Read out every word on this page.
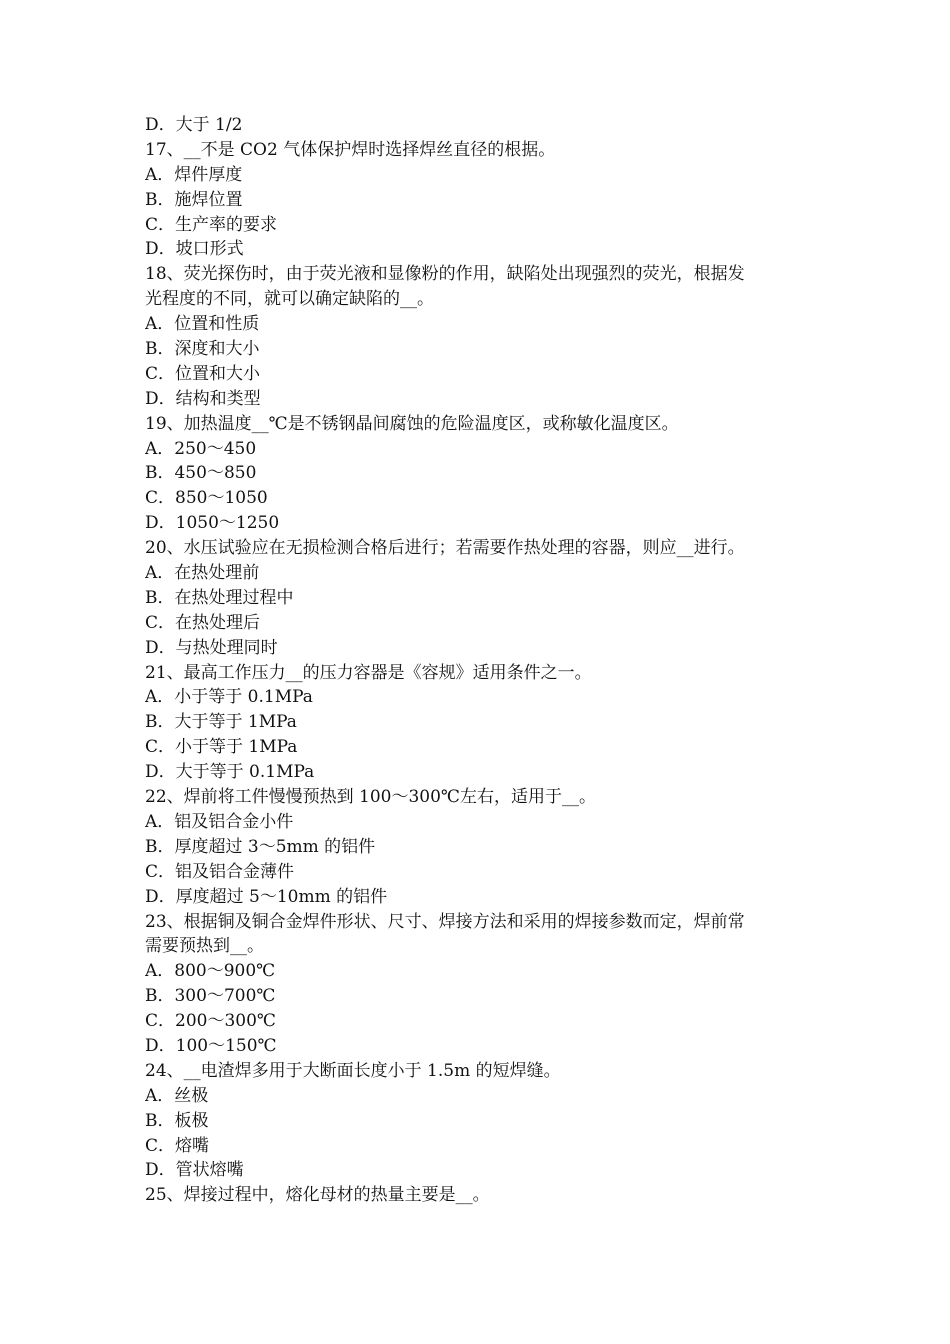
D．大于 1/2
17、__不是 CO2 气体保护焊时选择焊丝直径的根据。
A．焊件厚度
B．施焊位置
C．生产率的要求
D．坡口形式
18、荧光探伤时，由于荧光液和显像粉的作用，缺陷处出现强烈的荧光，根据发
光程度的不同，就可以确定缺陷的__。
A．位置和性质
B．深度和大小
C．位置和大小
D．结构和类型
19、加热温度__℃是不锈钢晶间腐蚀的危险温度区，或称敏化温度区。
A．250～450
B．450～850
C．850～1050
D．1050～1250
20、水压试验应在无损检测合格后进行；若需要作热处理的容器，则应__进行。
A．在热处理前
B．在热处理过程中
C．在热处理后
D．与热处理同时
21、最高工作压力__的压力容器是《容规》适用条件之一。
A．小于等于 0.1MPa
B．大于等于 1MPa
C．小于等于 1MPa
D．大于等于 0.1MPa
22、焊前将工件慢慢预热到 100～300℃左右，适用于__。
A．铝及铝合金小件
B．厚度超过 3～5mm 的铝件
C．铝及铝合金薄件
D．厚度超过 5～10mm 的铝件
23、根据铜及铜合金焊件形状、尺寸、焊接方法和采用的焊接参数而定，焊前常
需要预热到__。
A．800～900℃
B．300～700℃
C．200～300℃
D．100～150℃
24、__电渣焊多用于大断面长度小于 1.5m 的短焊缝。
A．丝极
B．板极
C．熔嘴
D．管状熔嘴
25、焊接过程中，熔化母材的热量主要是__。
